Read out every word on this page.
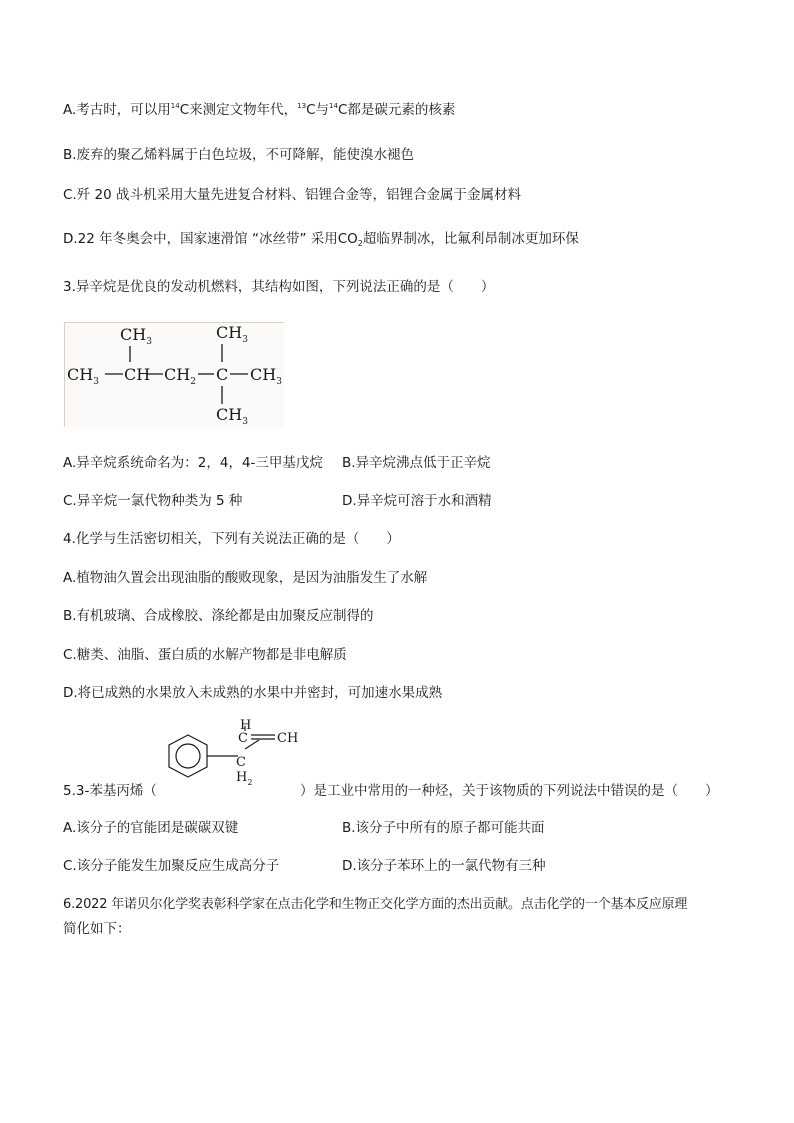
A.考古时，可以用$^{14}$C来测定文物年代，$^{13}$C与$^{14}$C都是碳元素的核素
B.废弃的聚乙烯料属于白色垃圾，不可降解，能使溴水褪色
C.歼 20 战斗机采用大量先进复合材料、铝锂合金等，铝锂合金属于金属材料
D.22 年冬奥会中，国家速滑馆 “冰丝带” 采用$CO_2$超临界制冰，比氟利昂制冰更加环保
3.异辛烷是优良的发动机燃料，其结构如图，下列说法正确的是（　　）
$CH_3$	$CH_3$
$CH_3$ CH $CH_2$ C $CH_3$
$CH_3$
A.异辛烷系统命名为：2，4，4-三甲基戊烷 B.异辛烷沸点低于正辛烷
C.异辛烷一氯代物种类为 5 种	D.异辛烷可溶于水和酒精
4.化学与生活密切相关，下列有关说法正确的是（　　）
A.植物油久置会出现油脂的酸败现象，是因为油脂发生了水解
B.有机玻璃、合成橡胶、涤纶都是由加聚反应制得的
C.糖类、油脂、蛋白质的水解产物都是非电解质
D.将已成熟的水果放入未成熟的水果中并密封，可加速水果成熟
H
C CH
C
$H_2$
5.3-苯基丙烯（	）是工业中常用的一种烃，关于该物质的下列说法中错误的是（　　）
A.该分子的官能团是碳碳双键	B.该分子中所有的原子都可能共面
C.该分子能发生加聚反应生成高分子	D.该分子苯环上的一氯代物有三种
6.2022 年诺贝尔化学奖表彰科学家在点击化学和生物正交化学方面的杰出贡献。点击化学的一个基本反应原理
简化如下：
